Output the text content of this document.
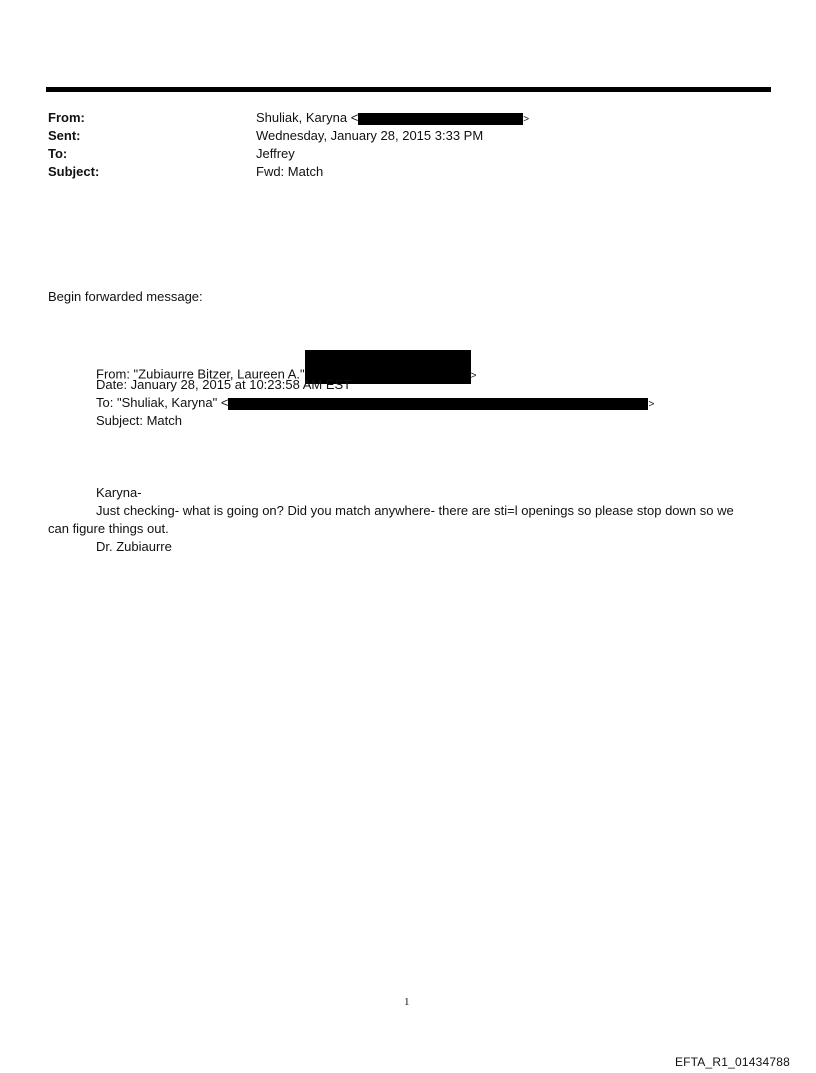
From:	Shuliak, Karyna <	>
Sent:	Wednesday, January 28, 2015 3:33 PM
To:	Jeffrey
Subject:	Fwd: Match
Begin forwarded message:
From: "Zubiaurre Bitzer, Laureen A."	>
Date: January 28, 2015 at 10:23:58 AM EST
To: "Shuliak, Karyna" <	>
Subject: Match
Karyna-
Just checking- what is going on? Did you match anywhere- there are sti=l openings so please stop down so we
can figure things out.
Dr. Zubiaurre
1
EFTA_R1_01434788
